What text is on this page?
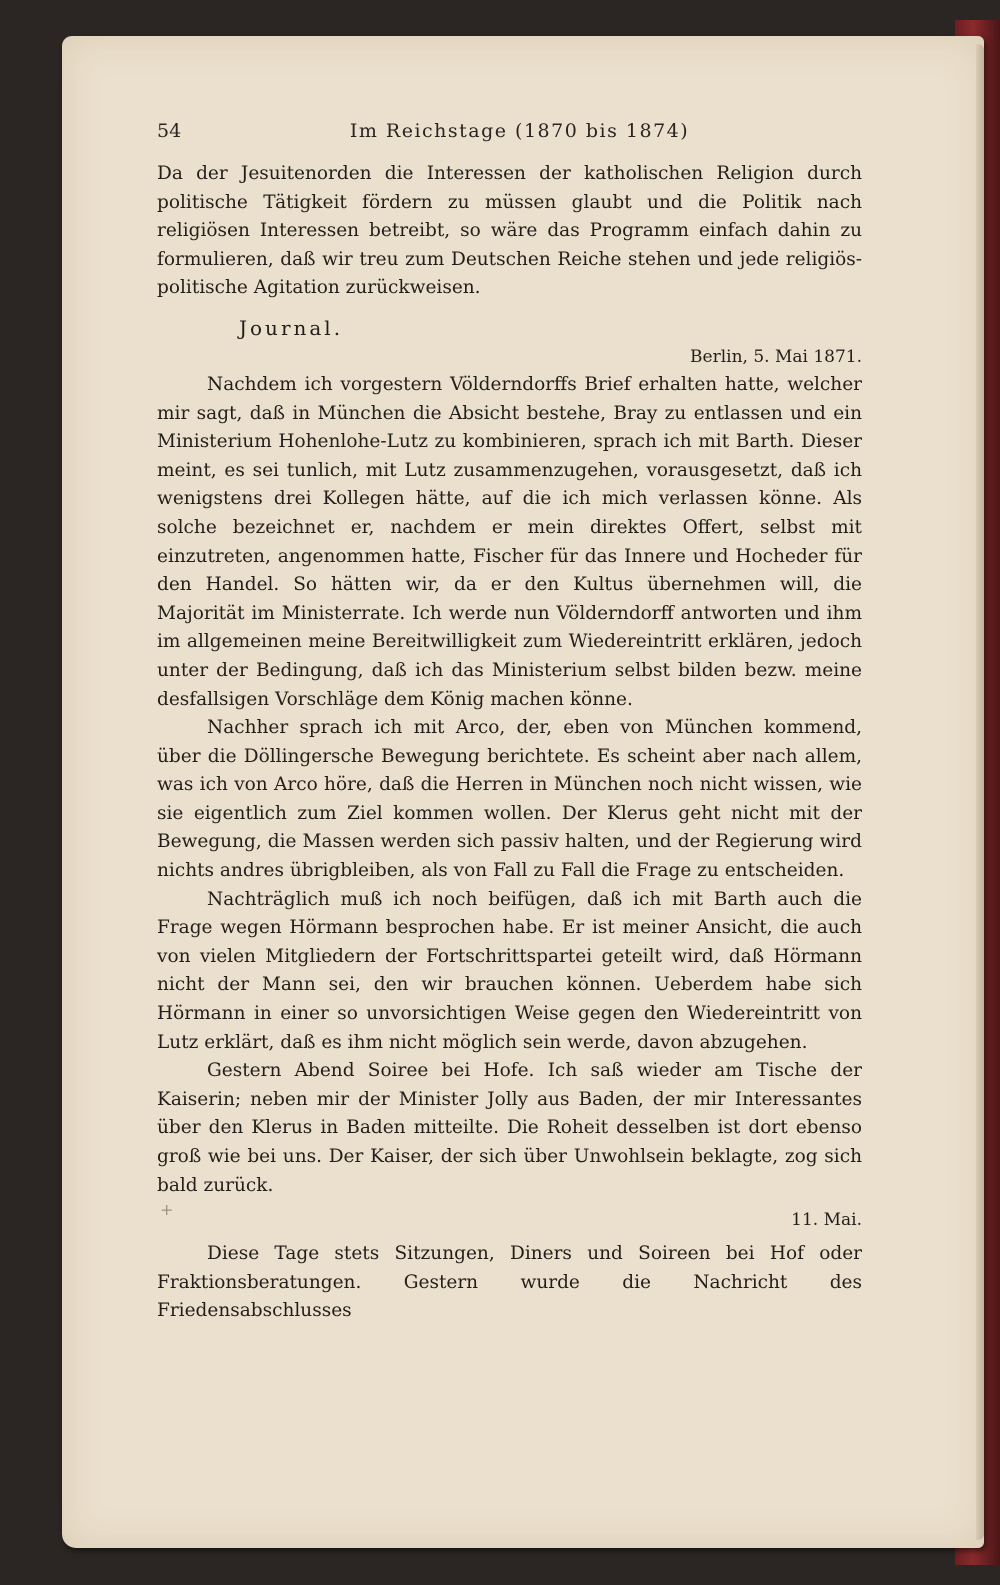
54	Im Reichstage (1870 bis 1874)

Da der Jesuitenorden die Interessen der katholischen Religion durch politische Tätigkeit fördern zu müssen glaubt und die Politik nach religiösen Interessen betreibt, so wäre das Programm einfach dahin zu formulieren, daß wir treu zum Deutschen Reiche stehen und jede religiös-politische Agitation zurückweisen.

Journal.
Berlin, 5. Mai 1871.

Nachdem ich vorgestern Völderndorffs Brief erhalten hatte, welcher mir sagt, daß in München die Absicht bestehe, Bray zu entlassen und ein Ministerium Hohenlohe-Lutz zu kombinieren, sprach ich mit Barth. Dieser meint, es sei tunlich, mit Lutz zusammenzugehen, vorausgesetzt, daß ich wenigstens drei Kollegen hätte, auf die ich mich verlassen könne. Als solche bezeichnet er, nachdem er mein direktes Offert, selbst mit einzutreten, angenommen hatte, Fischer für das Innere und Hocheder für den Handel. So hätten wir, da er den Kultus übernehmen will, die Majorität im Ministerrate. Ich werde nun Völderndorff antworten und ihm im allgemeinen meine Bereitwilligkeit zum Wiedereintritt erklären, jedoch unter der Bedingung, daß ich das Ministerium selbst bilden bezw. meine desfallsigen Vorschläge dem König machen könne.

Nachher sprach ich mit Arco, der, eben von München kommend, über die Döllingersche Bewegung berichtete. Es scheint aber nach allem, was ich von Arco höre, daß die Herren in München noch nicht wissen, wie sie eigentlich zum Ziel kommen wollen. Der Klerus geht nicht mit der Bewegung, die Massen werden sich passiv halten, und der Regierung wird nichts andres übrigbleiben, als von Fall zu Fall die Frage zu entscheiden.

Nachträglich muß ich noch beifügen, daß ich mit Barth auch die Frage wegen Hörmann besprochen habe. Er ist meiner Ansicht, die auch von vielen Mitgliedern der Fortschrittspartei geteilt wird, daß Hörmann nicht der Mann sei, den wir brauchen können. Ueberdem habe sich Hörmann in einer so unvorsichtigen Weise gegen den Wiedereintritt von Lutz erklärt, daß es ihm nicht möglich sein werde, davon abzugehen.

Gestern Abend Soiree bei Hofe. Ich saß wieder am Tische der Kaiserin; neben mir der Minister Jolly aus Baden, der mir Interessantes über den Klerus in Baden mitteilte. Die Roheit desselben ist dort ebenso groß wie bei uns. Der Kaiser, der sich über Unwohlsein beklagte, zog sich bald zurück.

11. Mai.

Diese Tage stets Sitzungen, Diners und Soireen bei Hof oder Fraktionsberatungen. Gestern wurde die Nachricht des Friedensabschlusses

+
